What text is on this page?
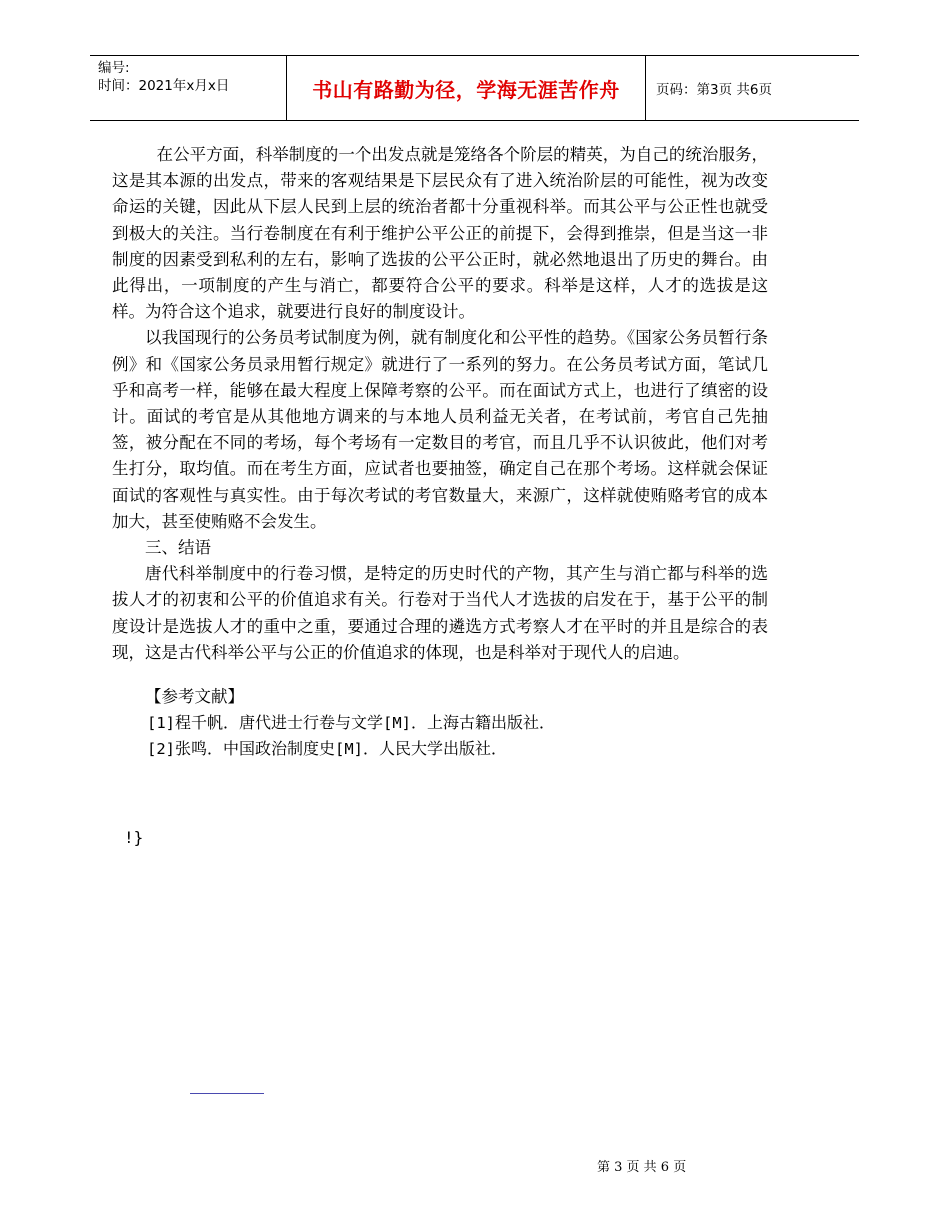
编号:
时间：2021年x月x日	书山有路勤为径，学海无涯苦作舟	页码：第3页 共6页

在公平方面，科举制度的一个出发点就是笼络各个阶层的精英，为自己的统治服务，这是其本源的出发点，带来的客观结果是下层民众有了进入统治阶层的可能性，视为改变命运的关键，因此从下层人民到上层的统治者都十分重视科举。而其公平与公正性也就受到极大的关注。当行卷制度在有利于维护公平公正的前提下，会得到推崇，但是当这一非制度的因素受到私利的左右，影响了选拔的公平公正时，就必然地退出了历史的舞台。由此得出，一项制度的产生与消亡，都要符合公平的要求。科举是这样，人才的选拔是这样。为符合这个追求，就要进行良好的制度设计。

以我国现行的公务员考试制度为例，就有制度化和公平性的趋势。《国家公务员暂行条例》和《国家公务员录用暂行规定》就进行了一系列的努力。在公务员考试方面，笔试几乎和高考一样，能够在最大程度上保障考察的公平。而在面试方式上，也进行了缜密的设计。面试的考官是从其他地方调来的与本地人员利益无关者，在考试前，考官自己先抽签，被分配在不同的考场，每个考场有一定数目的考官，而且几乎不认识彼此，他们对考生打分，取均值。而在考生方面，应试者也要抽签，确定自己在那个考场。这样就会保证面试的客观性与真实性。由于每次考试的考官数量大，来源广，这样就使贿赂考官的成本加大，甚至使贿赂不会发生。

三、结语

唐代科举制度中的行卷习惯，是特定的历史时代的产物，其产生与消亡都与科举的选拔人才的初衷和公平的价值追求有关。行卷对于当代人才选拔的启发在于，基于公平的制度设计是选拔人才的重中之重，要通过合理的遴选方式考察人才在平时的并且是综合的表现，这是古代科举公平与公正的价值追求的体现，也是科举对于现代人的启迪。

【参考文献】

[1]程千帆．唐代进士行卷与文学[M]．上海古籍出版社．

[2]张鸣．中国政治制度史[M]．人民大学出版社．

!}
第 3 页 共 6 页
